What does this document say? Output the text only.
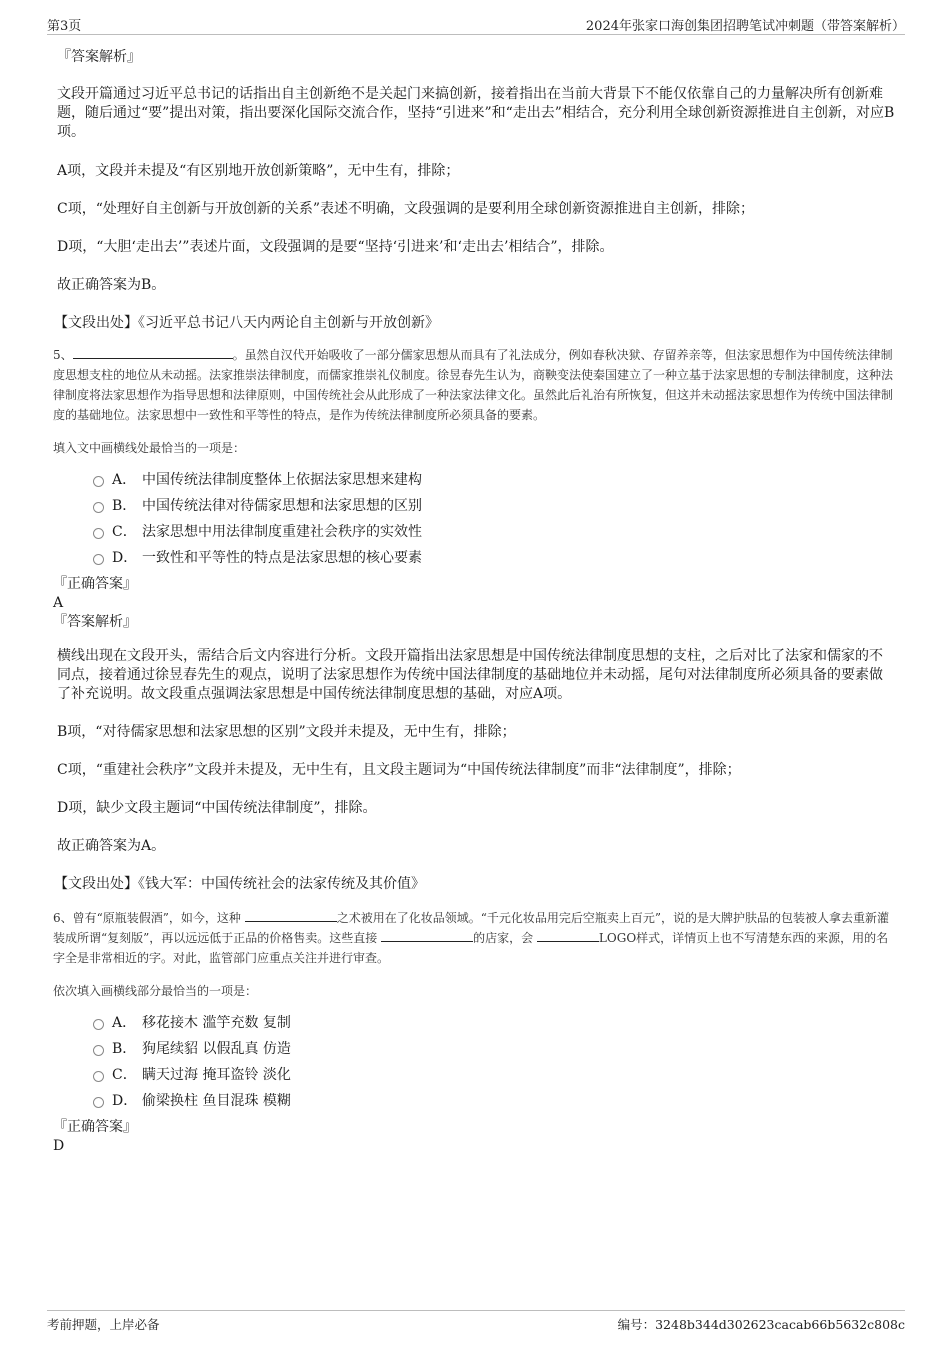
第3页	2024年张家口海创集团招聘笔试冲刺题（带答案解析）

『答案解析』

文段开篇通过习近平总书记的话指出自主创新绝不是关起门来搞创新，接着指出在当前大背景下不能仅依靠自己的力量解决所有创新难题，随后通过“要”提出对策，指出要深化国际交流合作，坚持“引进来”和“走出去”相结合，充分利用全球创新资源推进自主创新，对应B项。

A项，文段并未提及“有区别地开放创新策略”，无中生有，排除；

C项，“处理好自主创新与开放创新的关系”表述不明确，文段强调的是要利用全球创新资源推进自主创新，排除；

D项，“大胆‘走出去’”表述片面，文段强调的是要“坚持‘引进来’和‘走出去’相结合”，排除。

故正确答案为B。

【文段出处】《习近平总书记八天内两论自主创新与开放创新》

5、	。虽然自汉代开始吸收了一部分儒家思想从而具有了礼法成分，例如春秋决狱、存留养亲等，但法家思想作为中国传统法律制度思想支柱的地位从未动摇。法家推崇法律制度，而儒家推崇礼仪制度。徐昱春先生认为，商鞅变法使秦国建立了一种立基于法家思想的专制法律制度，这种法律制度将法家思想作为指导思想和法律原则，中国传统社会从此形成了一种法家法律文化。虽然此后礼治有所恢复，但这并未动摇法家思想作为传统中国法律制度的基础地位。法家思想中一致性和平等性的特点，是作为传统法律制度所必须具备的要素。

填入文中画横线处最恰当的一项是：

A． 中国传统法律制度整体上依据法家思想来建构
B． 中国传统法律对待儒家思想和法家思想的区别
C． 法家思想中用法律制度重建社会秩序的实效性
D． 一致性和平等性的特点是法家思想的核心要素

『正确答案』

A

『答案解析』

横线出现在文段开头，需结合后文内容进行分析。文段开篇指出法家思想是中国传统法律制度思想的支柱，之后对比了法家和儒家的不同点，接着通过徐昱春先生的观点，说明了法家思想作为传统中国法律制度的基础地位并未动摇，尾句对法律制度所必须具备的要素做了补充说明。故文段重点强调法家思想是中国传统法律制度思想的基础，对应A项。

B项，“对待儒家思想和法家思想的区别”文段并未提及，无中生有，排除；

C项，“重建社会秩序”文段并未提及，无中生有，且文段主题词为“中国传统法律制度”而非“法律制度”，排除；

D项，缺少文段主题词“中国传统法律制度”，排除。

故正确答案为A。

【文段出处】《钱大军：中国传统社会的法家传统及其价值》

6、曾有“原瓶装假酒”，如今，这种	之术被用在了化妆品领域。“千元化妆品用完后空瓶卖上百元”，说的是大牌护肤品的包装被人拿去重新灌装成所谓“复刻版”，再以远远低于正品的价格售卖。这些直接	的店家，会	LOGO样式，详情页上也不写清楚东西的来源，用的名字全是非常相近的字。对此，监管部门应重点关注并进行审查。

依次填入画横线部分最恰当的一项是：

A． 移花接木 滥竽充数 复制
B． 狗尾续貂 以假乱真 仿造
C． 瞒天过海 掩耳盗铃 淡化
D． 偷梁换柱 鱼目混珠 模糊

『正确答案』

D

考前押题，上岸必备	编号：3248b344d302623cacab66b5632c808c
